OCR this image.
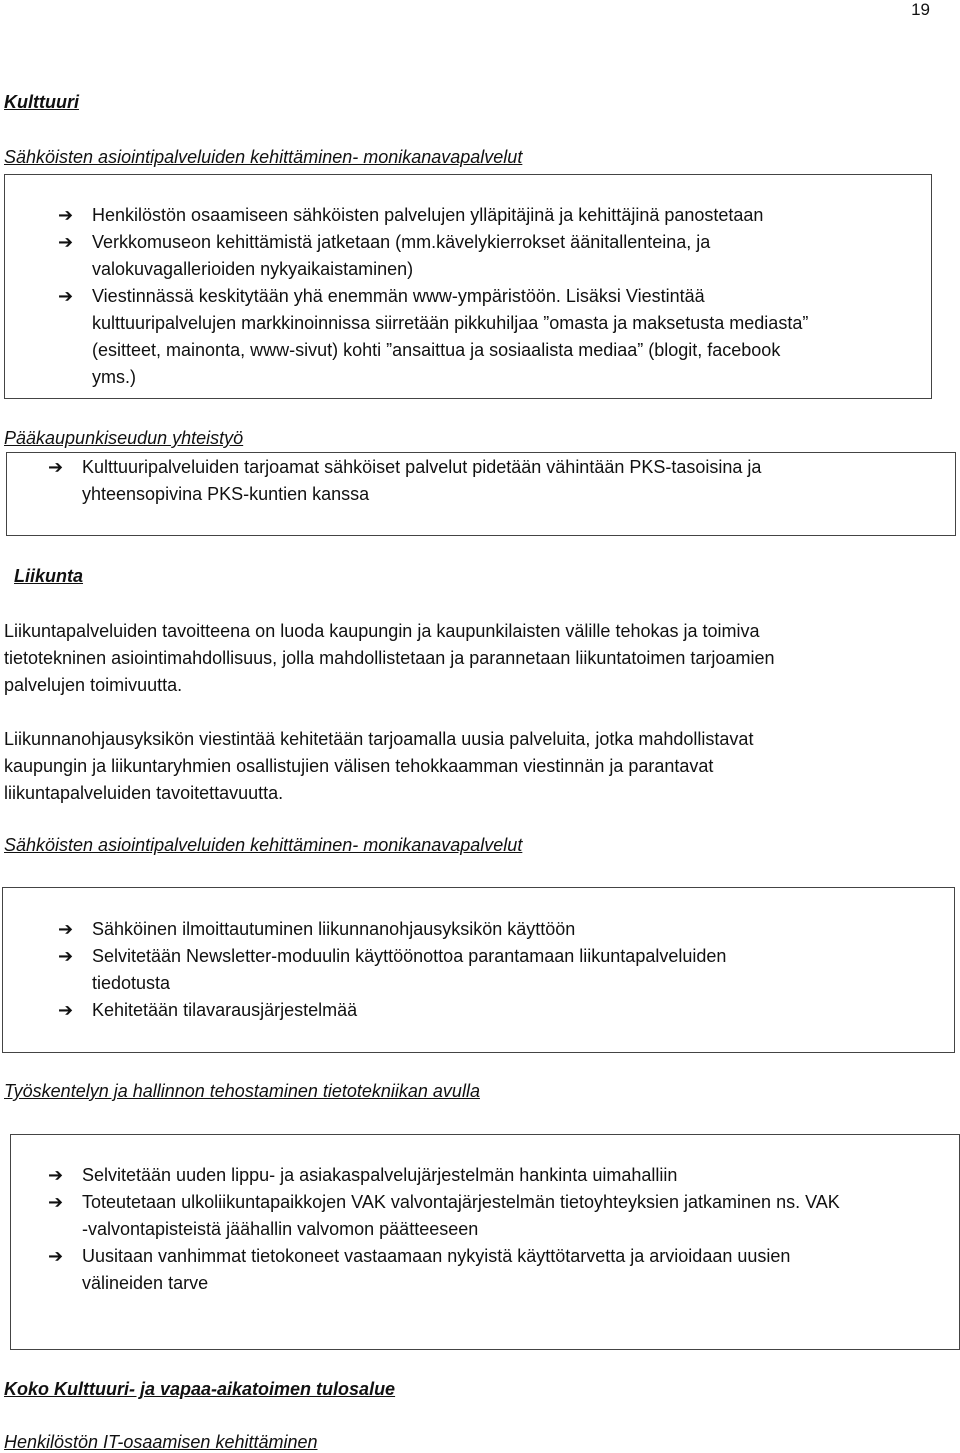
19
Kulttuuri
Sähköisten asiointipalveluiden kehittäminen- monikanavapalvelut
➔	Henkilöstön osaamiseen sähköisten palvelujen ylläpitäjinä ja kehittäjinä panostetaan
➔	Verkkomuseon kehittämistä jatketaan (mm.kävelykierrokset äänitallenteina, ja
valokuvagallerioiden nykyaikaistaminen)
➔	Viestinnässä keskitytään yhä enemmän www-ympäristöön. Lisäksi Viestintää
kulttuuripalvelujen markkinoinnissa siirretään pikkuhiljaa ”omasta ja maksetusta mediasta”
(esitteet, mainonta, www-sivut) kohti ”ansaittua ja sosiaalista mediaa” (blogit, facebook
yms.)
Pääkaupunkiseudun yhteistyö
➔	Kulttuuripalveluiden tarjoamat sähköiset palvelut pidetään vähintään PKS-tasoisina ja
yhteensopivina PKS-kuntien kanssa
Liikunta
Liikuntapalveluiden tavoitteena on luoda kaupungin ja kaupunkilaisten välille tehokas ja toimiva
tietotekninen asiointimahdollisuus, jolla mahdollistetaan ja parannetaan liikuntatoimen tarjoamien
palvelujen toimivuutta.
Liikunnanohjausyksikön viestintää kehitetään tarjoamalla uusia palveluita, jotka mahdollistavat
kaupungin ja liikuntaryhmien osallistujien välisen tehokkaamman viestinnän ja parantavat
liikuntapalveluiden tavoitettavuutta.
Sähköisten asiointipalveluiden kehittäminen- monikanavapalvelut
➔	Sähköinen ilmoittautuminen liikunnanohjausyksikön käyttöön
➔	Selvitetään Newsletter-moduulin käyttöönottoa parantamaan liikuntapalveluiden
tiedotusta
➔	Kehitetään tilavarausjärjestelmää
Työskentelyn ja hallinnon tehostaminen tietotekniikan avulla
➔	Selvitetään uuden lippu- ja asiakaspalvelujärjestelmän hankinta uimahalliin
➔	Toteutetaan ulkoliikuntapaikkojen VAK valvontajärjestelmän tietoyhteyksien jatkaminen ns. VAK
-valvontapisteistä jäähallin valvomon päätteeseen
➔	Uusitaan vanhimmat tietokoneet vastaamaan nykyistä käyttötarvetta ja arvioidaan uusien
välineiden tarve
Koko Kulttuuri- ja vapaa-aikatoimen tulosalue
Henkilöstön IT-osaamisen kehittäminen
